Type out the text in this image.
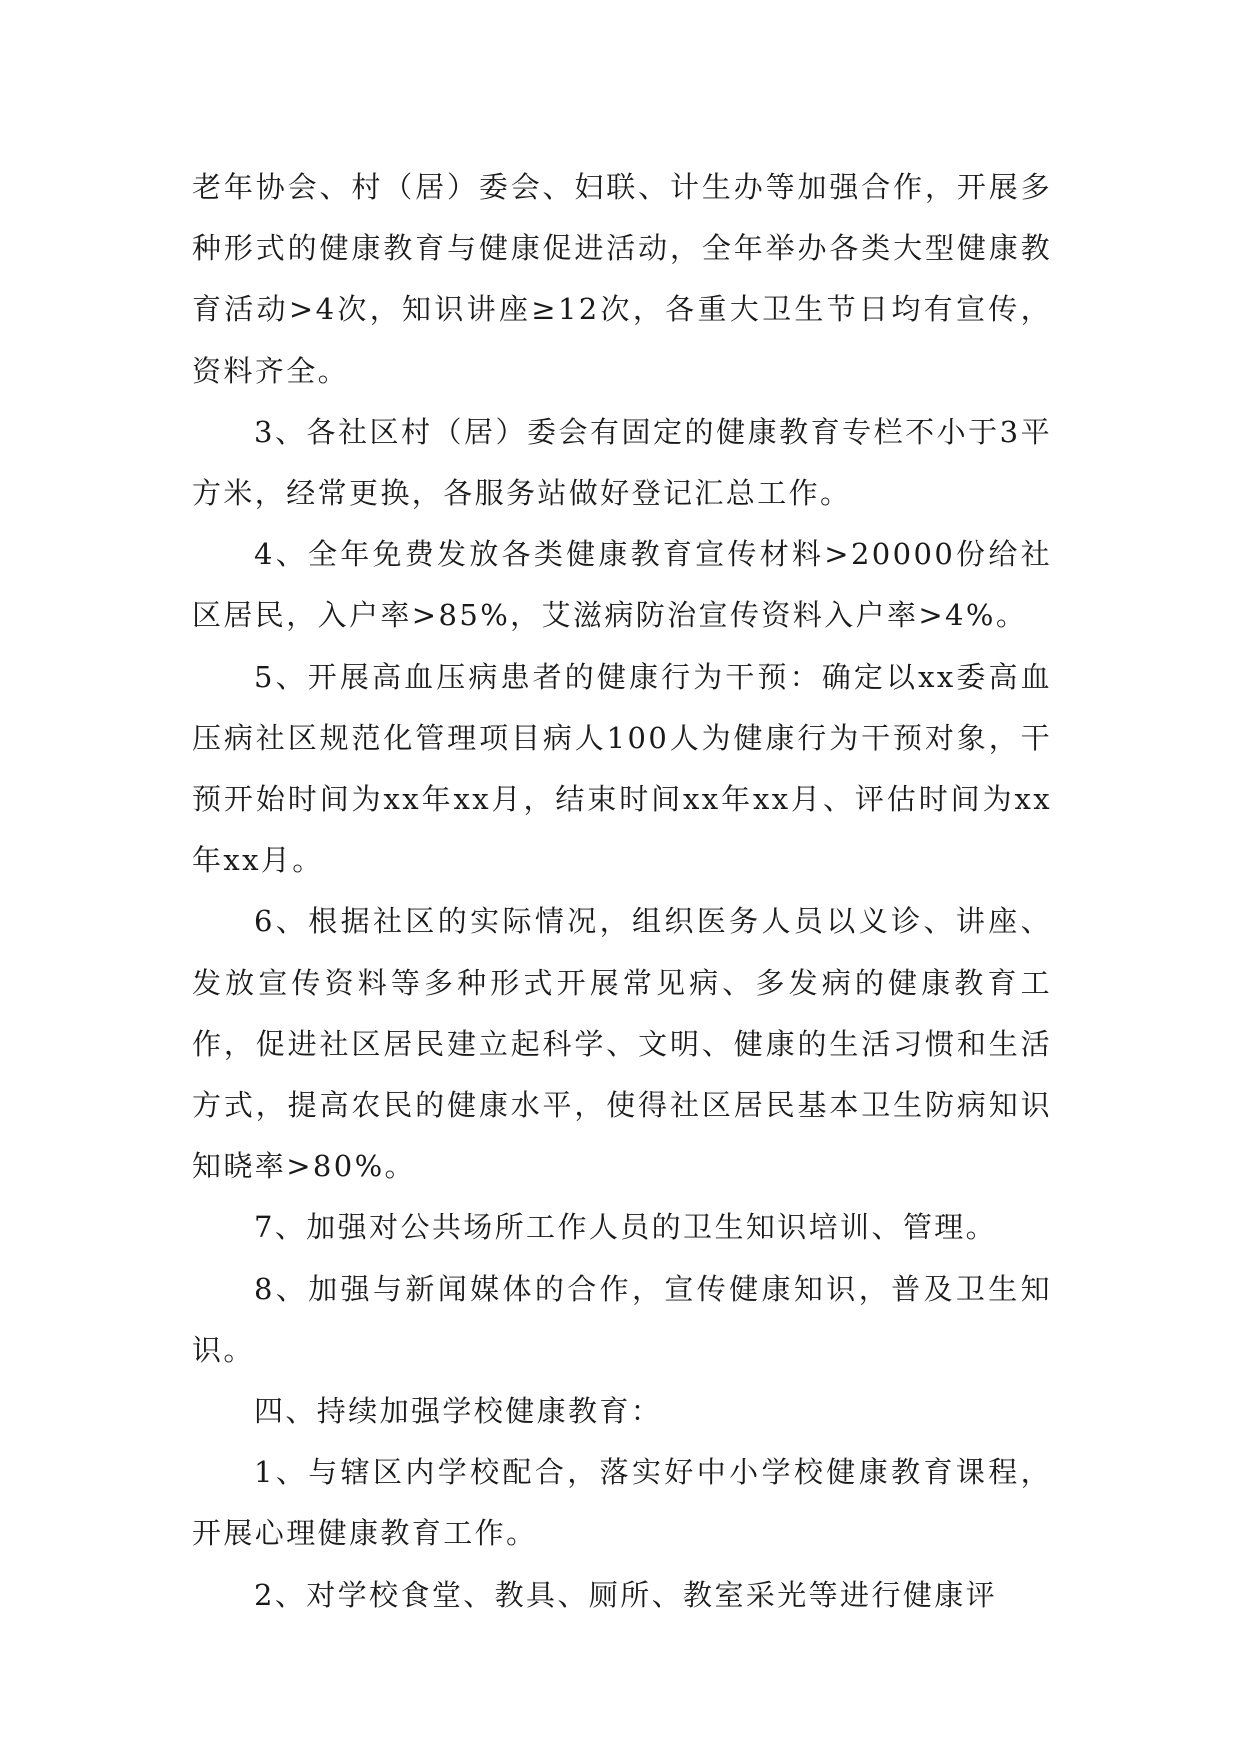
老年协会、村（居）委会、妇联、计生办等加强合作，开展多种形式的健康教育与健康促进活动，全年举办各类大型健康教育活动>4次，知识讲座≥12次，各重大卫生节日均有宣传，资料齐全。

3、各社区村（居）委会有固定的健康教育专栏不小于3平方米，经常更换，各服务站做好登记汇总工作。

4、全年免费发放各类健康教育宣传材料>20000份给社区居民，入户率>85%，艾滋病防治宣传资料入户率>4%。

5、开展高血压病患者的健康行为干预：确定以xx委高血压病社区规范化管理项目病人100人为健康行为干预对象，干预开始时间为xx年xx月，结束时间xx年xx月、评估时间为xx年xx月。

6、根据社区的实际情况，组织医务人员以义诊、讲座、发放宣传资料等多种形式开展常见病、多发病的健康教育工作，促进社区居民建立起科学、文明、健康的生活习惯和生活方式，提高农民的健康水平，使得社区居民基本卫生防病知识知晓率>80%。

7、加强对公共场所工作人员的卫生知识培训、管理。

8、加强与新闻媒体的合作，宣传健康知识，普及卫生知识。

四、持续加强学校健康教育：

1、与辖区内学校配合，落实好中小学校健康教育课程，开展心理健康教育工作。

2、对学校食堂、教具、厕所、教室采光等进行健康评
